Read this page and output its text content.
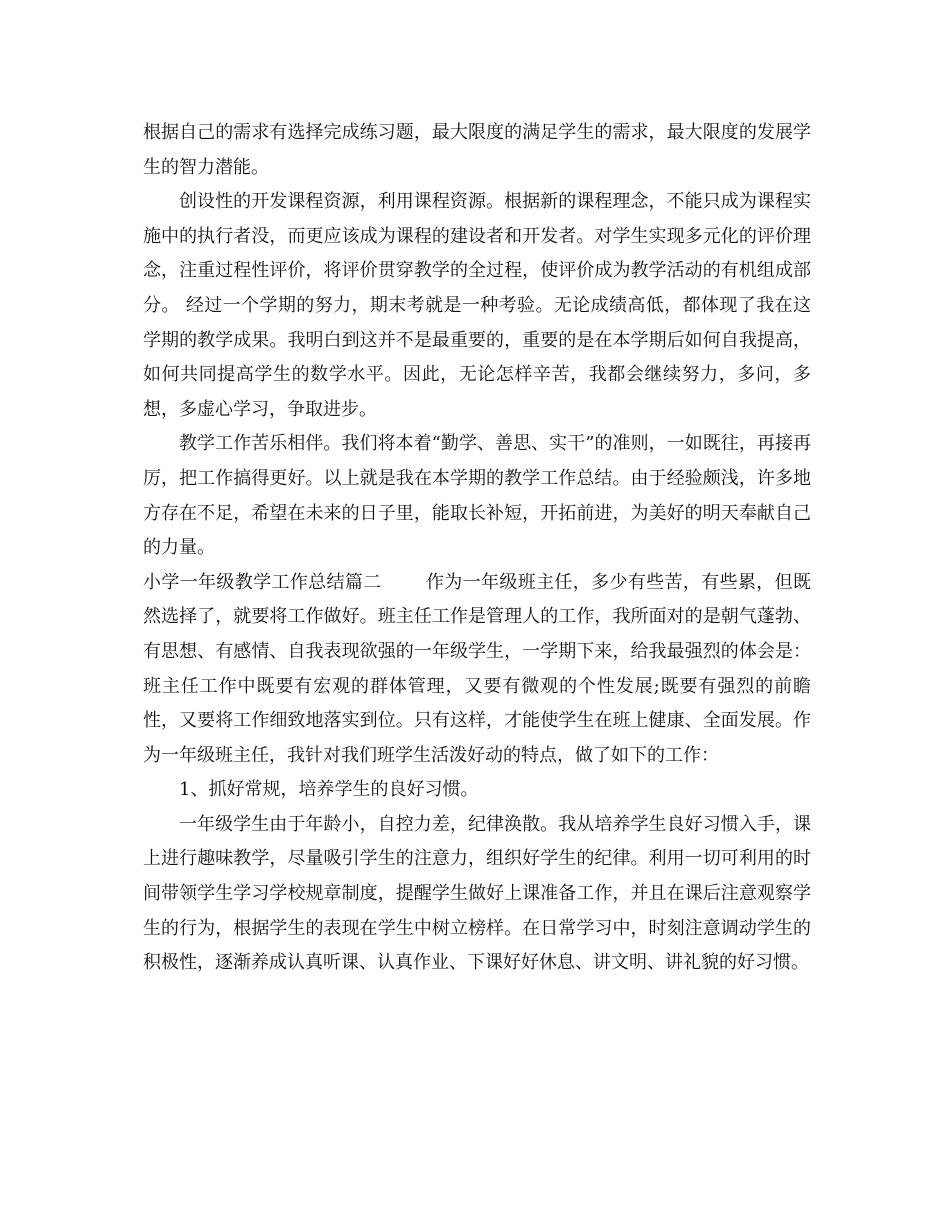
根据自己的需求有选择完成练习题，最大限度的满足学生的需求，最大限度的发展学生的智力潜能。

创设性的开发课程资源，利用课程资源。根据新的课程理念，不能只成为课程实施中的执行者没，而更应该成为课程的建设者和开发者。对学生实现多元化的评价理念，注重过程性评价，将评价贯穿教学的全过程，使评价成为教学活动的有机组成部分。 经过一个学期的努力，期末考就是一种考验。无论成绩高低，都体现了我在这学期的教学成果。我明白到这并不是最重要的，重要的是在本学期后如何自我提高，如何共同提高学生的数学水平。因此，无论怎样辛苦，我都会继续努力，多问，多想，多虚心学习，争取进步。

教学工作苦乐相伴。我们将本着“勤学、善思、实干”的准则，一如既往，再接再厉，把工作搞得更好。以上就是我在本学期的教学工作总结。由于经验颇浅，许多地方存在不足，希望在未来的日子里，能取长补短，开拓前进，为美好的明天奉献自己的力量。

小学一年级教学工作总结篇二 作为一年级班主任，多少有些苦，有些累，但既然选择了，就要将工作做好。班主任工作是管理人的工作，我所面对的是朝气蓬勃、有思想、有感情、自我表现欲强的一年级学生，一学期下来，给我最强烈的体会是：班主任工作中既要有宏观的群体管理，又要有微观的个性发展;既要有强烈的前瞻性，又要将工作细致地落实到位。只有这样，才能使学生在班上健康、全面发展。作为一年级班主任，我针对我们班学生活泼好动的特点，做了如下的工作：

1、抓好常规，培养学生的良好习惯。

一年级学生由于年龄小，自控力差，纪律涣散。我从培养学生良好习惯入手，课上进行趣味教学，尽量吸引学生的注意力，组织好学生的纪律。利用一切可利用的时间带领学生学习学校规章制度，提醒学生做好上课准备工作，并且在课后注意观察学生的行为，根据学生的表现在学生中树立榜样。在日常学习中，时刻注意调动学生的积极性，逐渐养成认真听课、认真作业、下课好好休息、讲文明、讲礼貌的好习惯。
